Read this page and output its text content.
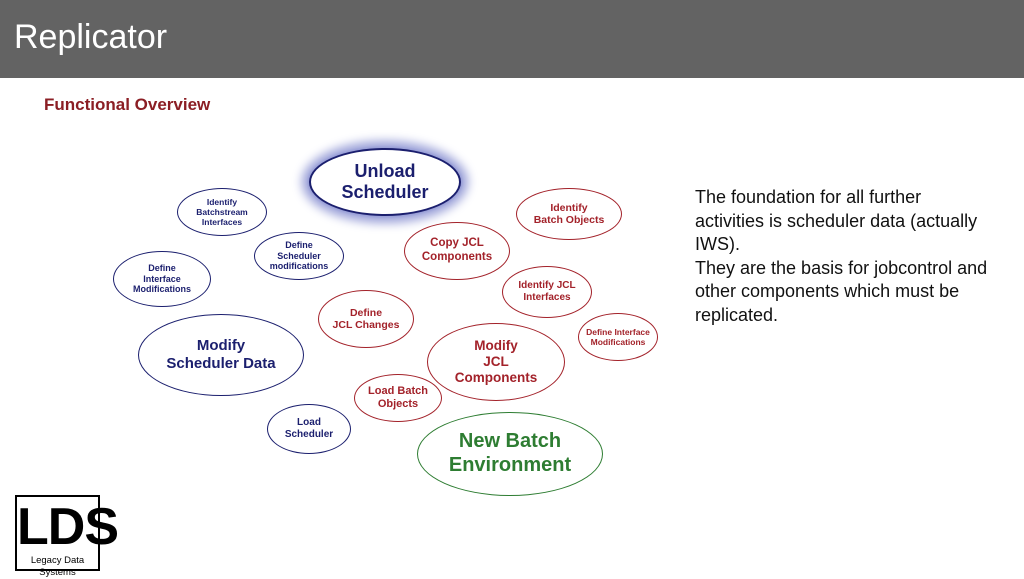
Replicator
Functional Overview
Unload
Scheduler
Identify
Batchstream
Interfaces
Define
Scheduler
modifications
Define
Interface
Modifications
Modify
Scheduler Data
Load
Scheduler
Identify
Batch Objects
Copy JCL
Components
Identify JCL
Interfaces
Define
JCL Changes
Define Interface
Modifications
Modify
JCL
Components
Load Batch
Objects
New Batch
Environment

The foundation for all further activities is scheduler data (actually IWS).

They are the basis for jobcontrol and other components which must be replicated.

LDS
Legacy Data Systems
